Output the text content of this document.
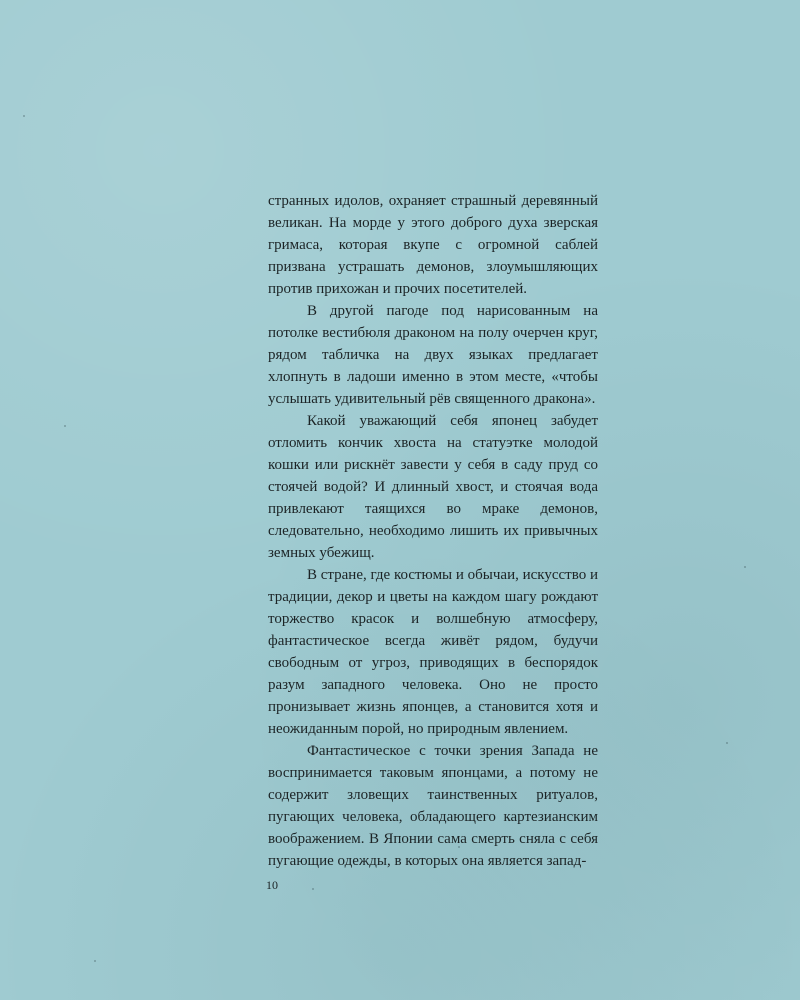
странных идолов, охраняет страшный деревянный великан. На морде у этого доброго духа зверская гримаса, которая вкупе с огромной саблей призвана устрашать демонов, злоумышляющих против прихожан и прочих посетителей.

В другой пагоде под нарисованным на потолке вестибюля драконом на полу очерчен круг, рядом табличка на двух языках предлагает хлопнуть в ладоши именно в этом месте, «чтобы услышать удивительный рёв священного дракона».

Какой уважающий себя японец забудет отломить кончик хвоста на статуэтке молодой кошки или рискнёт завести у себя в саду пруд со стоячей водой? И длинный хвост, и стоячая вода привлекают таящихся во мраке демонов, следовательно, необходимо лишить их привычных земных убежищ.

В стране, где костюмы и обычаи, искусство и традиции, декор и цветы на каждом шагу рождают торжество красок и волшебную атмосферу, фантастическое всегда живёт рядом, будучи свободным от угроз, приводящих в беспорядок разум западного человека. Оно не просто пронизывает жизнь японцев, а становится хотя и неожиданным порой, но природным явлением.

Фантастическое с точки зрения Запада не воспринимается таковым японцами, а потому не содержит зловещих таинственных ритуалов, пугающих человека, обладающего картезианским воображением. В Японии сама смерть сняла с себя пугающие одежды, в которых она является запад-

10
